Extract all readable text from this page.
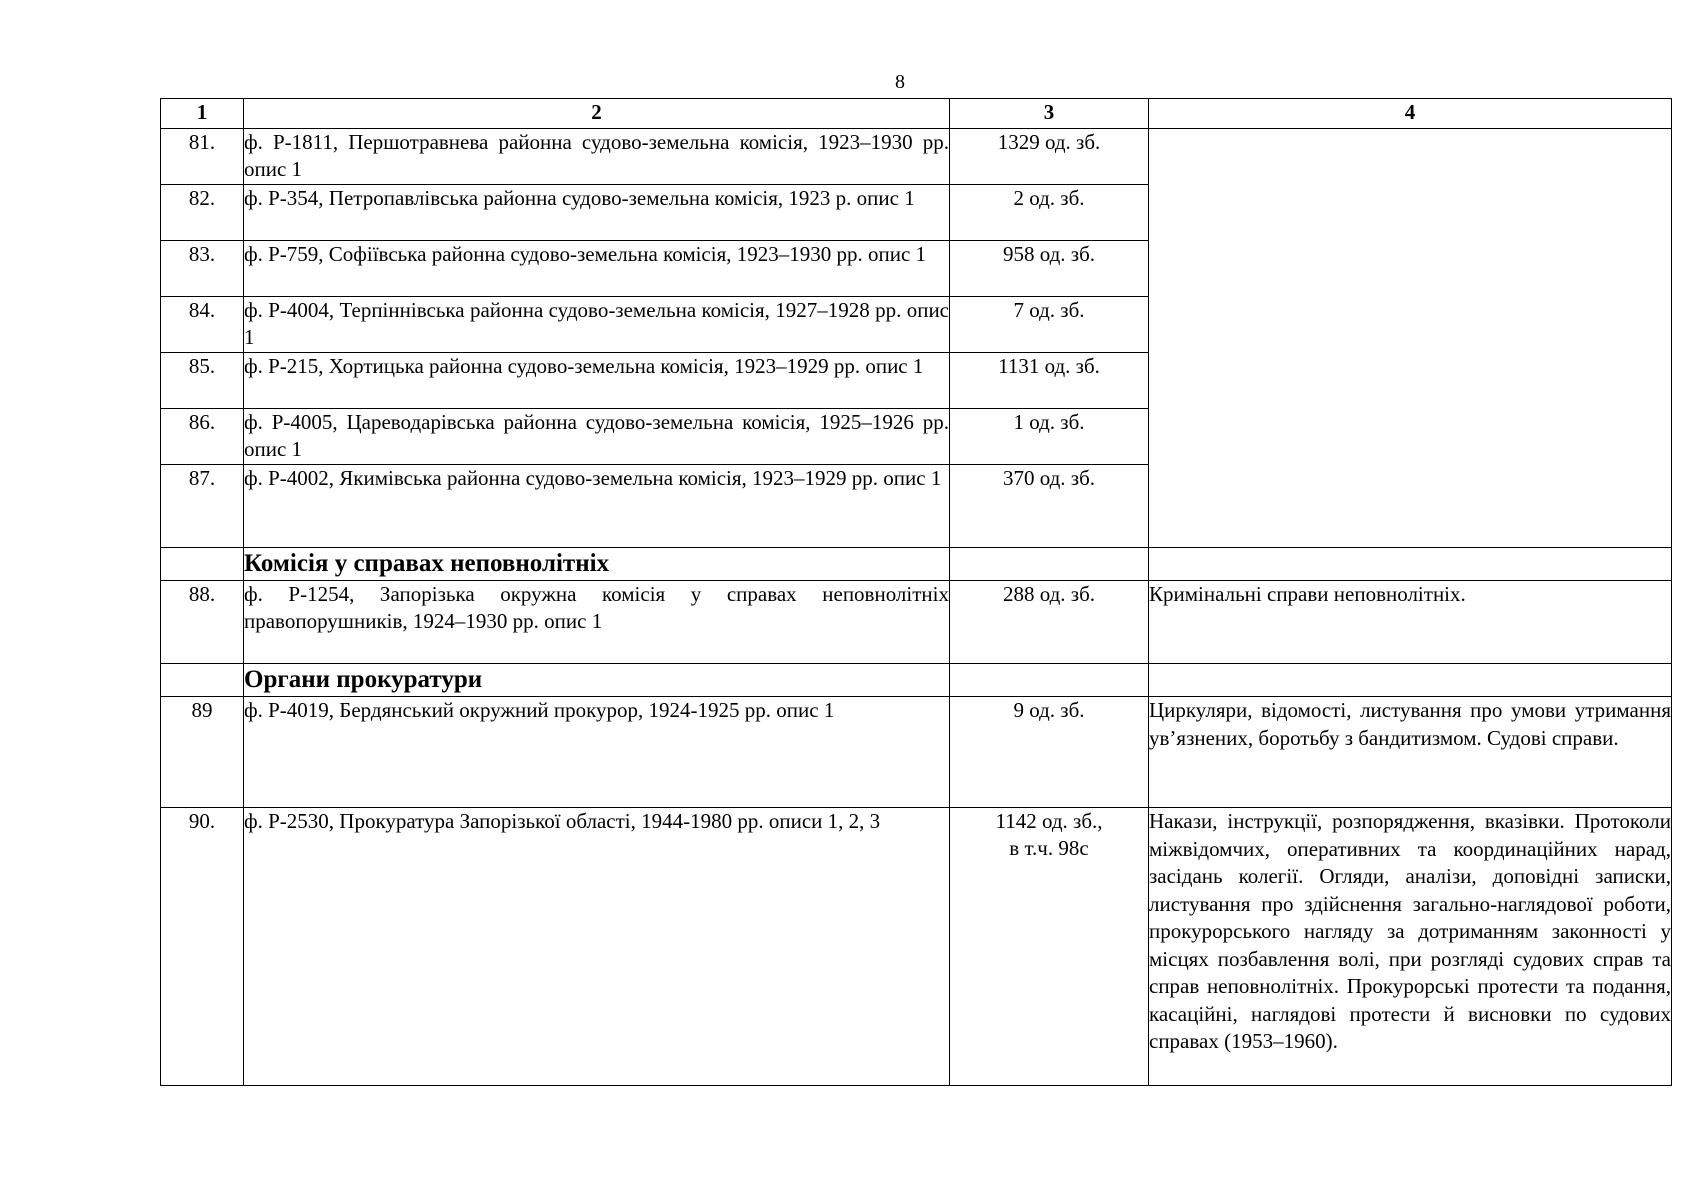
8
1	2	3	4
81.	ф. Р-1811, Першотравнева районна судово-земельна комісія, 1923–1930 рр. опис 1	1329 од. зб.	
82.	ф. Р-354, Петропавлівська районна судово-земельна комісія, 1923 р. опис 1	2 од. зб.	
83.	ф. Р-759, Софіївська районна судово-земельна комісія, 1923–1930 рр. опис 1	958 од. зб.	
84.	ф. Р-4004, Терпіннівська районна судово-земельна комісія, 1927–1928 рр. опис 1	7 од. зб.	
85.	ф. Р-215, Хортицька районна судово-земельна комісія, 1923–1929 рр. опис 1	1131 од. зб.	
86.	ф. Р-4005, Цареводарівська районна судово-земельна комісія, 1925–1926 рр. опис 1	1 од. зб.	
87.	ф. Р-4002, Якимівська районна судово-земельна комісія, 1923–1929 рр. опис 1	370 од. зб.	
	Комісія у справах неповнолітніх		
88.	ф. Р-1254, Запорізька окружна комісія у справах неповнолітніх правопорушників, 1924–1930 рр. опис 1	288 од. зб.	Кримінальні справи неповнолітніх.
	Органи прокуратури		
89	ф. Р-4019, Бердянський окружний прокурор, 1924-1925 рр. опис 1	9 од. зб.	Циркуляри, відомості, листування про умови утримання ув’язнених, боротьбу з бандитизмом. Судові справи.
90.	ф. Р-2530, Прокуратура Запорізької області, 1944-1980 рр. описи 1, 2, 3	1142 од. зб.,
в т.ч. 98с	Накази, інструкції, розпорядження, вказівки. Протоколи міжвідомчих, оперативних та координаційних нарад, засідань колегії. Огляди, аналізи, доповідні записки, листування про здійснення загально-наглядової роботи, прокурорського нагляду за дотриманням законності у місцях позбавлення волі, при розгляді судових справ та справ неповнолітніх. Прокурорські протести та подання, касаційні, наглядові протести й висновки по судових справах (1953–1960).
